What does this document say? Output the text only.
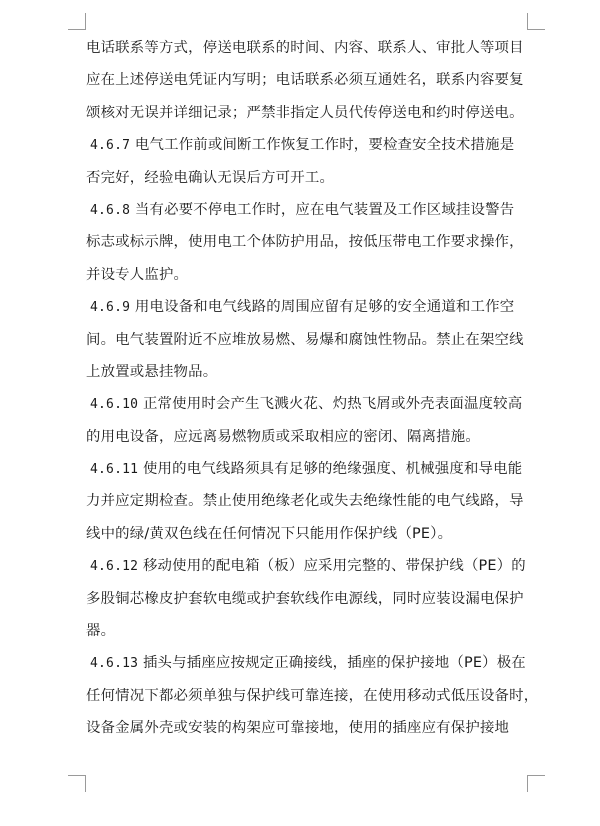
电话联系等方式，停送电联系的时间、内容、联系人、审批人等项目
应在上述停送电凭证内写明；电话联系必须互通姓名，联系内容要复
颂核对无误并详细记录；严禁非指定人员代传停送电和约时停送电。
4.6.7 电气工作前或间断工作恢复工作时，要检查安全技术措施是
否完好，经验电确认无误后方可开工。
4.6.8 当有必要不停电工作时，应在电气装置及工作区域挂设警告
标志或标示牌，使用电工个体防护用品，按低压带电工作要求操作，
并设专人监护。
4.6.9 用电设备和电气线路的周围应留有足够的安全通道和工作空
间。电气装置附近不应堆放易燃、易爆和腐蚀性物品。禁止在架空线
上放置或悬挂物品。
4.6.10 正常使用时会产生飞溅火花、灼热飞屑或外壳表面温度较高
的用电设备，应远离易燃物质或采取相应的密闭、隔离措施。
4.6.11 使用的电气线路须具有足够的绝缘强度、机械强度和导电能
力并应定期检查。禁止使用绝缘老化或失去绝缘性能的电气线路，导
线中的绿/黄双色线在任何情况下只能用作保护线（PE）。
4.6.12 移动使用的配电箱（板）应采用完整的、带保护线（PE）的
多股铜芯橡皮护套软电缆或护套软线作电源线，同时应装设漏电保护
器。
4.6.13 插头与插座应按规定正确接线，插座的保护接地（PE）极在
任何情况下都必须单独与保护线可靠连接，在使用移动式低压设备时，
设备金属外壳或安装的构架应可靠接地，使用的插座应有保护接地
